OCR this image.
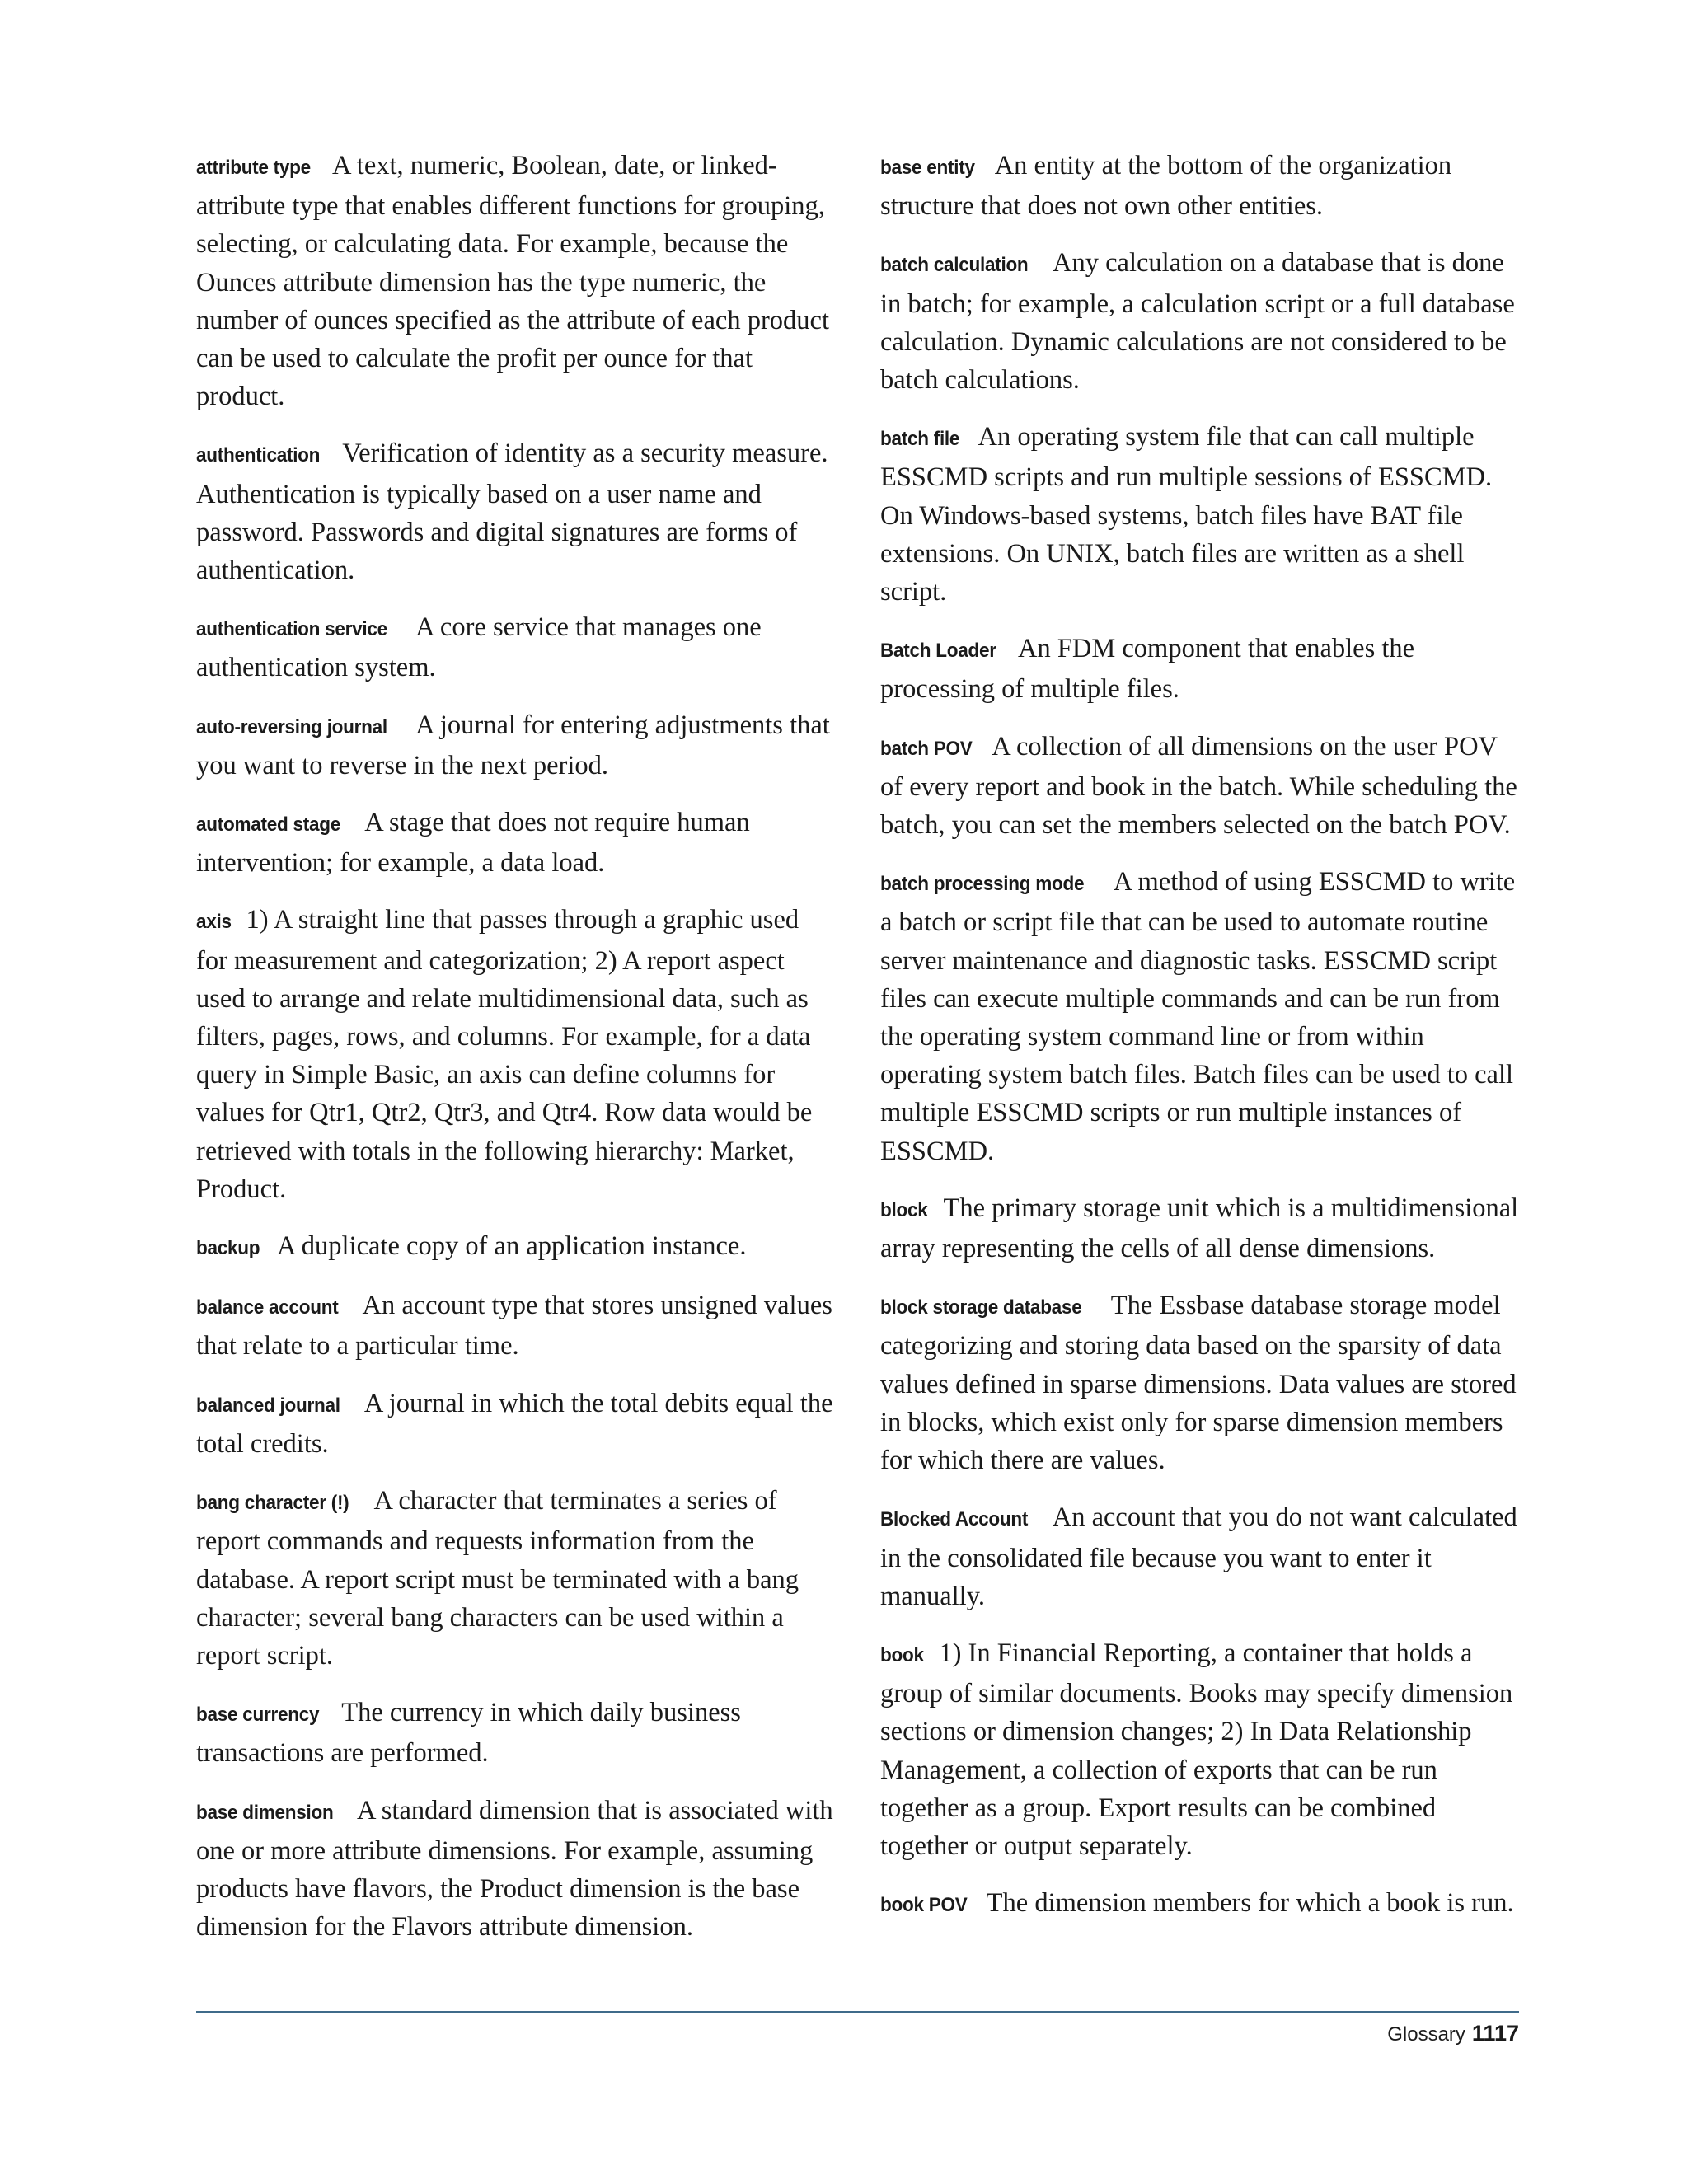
attribute type A text, numeric, Boolean, date, or linked-attribute type that enables different functions for grouping, selecting, or calculating data. For example, because the Ounces attribute dimension has the type numeric, the number of ounces specified as the attribute of each product can be used to calculate the profit per ounce for that product.

authentication Verification of identity as a security measure. Authentication is typically based on a user name and password. Passwords and digital signatures are forms of authentication.

authentication service A core service that manages one authentication system.

auto-reversing journal A journal for entering adjustments that you want to reverse in the next period.

automated stage A stage that does not require human intervention; for example, a data load.

axis 1) A straight line that passes through a graphic used for measurement and categorization; 2) A report aspect used to arrange and relate multidimensional data, such as filters, pages, rows, and columns. For example, for a data query in Simple Basic, an axis can define columns for values for Qtr1, Qtr2, Qtr3, and Qtr4. Row data would be retrieved with totals in the following hierarchy: Market, Product.

backup A duplicate copy of an application instance.

balance account An account type that stores unsigned values that relate to a particular time.

balanced journal A journal in which the total debits equal the total credits.

bang character (!) A character that terminates a series of report commands and requests information from the database. A report script must be terminated with a bang character; several bang characters can be used within a report script.

base currency The currency in which daily business transactions are performed.

base dimension A standard dimension that is associated with one or more attribute dimensions. For example, assuming products have flavors, the Product dimension is the base dimension for the Flavors attribute dimension.

base entity An entity at the bottom of the organization structure that does not own other entities.

batch calculation Any calculation on a database that is done in batch; for example, a calculation script or a full database calculation. Dynamic calculations are not considered to be batch calculations.

batch file An operating system file that can call multiple ESSCMD scripts and run multiple sessions of ESSCMD. On Windows-based systems, batch files have BAT file extensions. On UNIX, batch files are written as a shell script.

Batch Loader An FDM component that enables the processing of multiple files.

batch POV A collection of all dimensions on the user POV of every report and book in the batch. While scheduling the batch, you can set the members selected on the batch POV.

batch processing mode A method of using ESSCMD to write a batch or script file that can be used to automate routine server maintenance and diagnostic tasks. ESSCMD script files can execute multiple commands and can be run from the operating system command line or from within operating system batch files. Batch files can be used to call multiple ESSCMD scripts or run multiple instances of ESSCMD.

block The primary storage unit which is a multidimensional array representing the cells of all dense dimensions.

block storage database The Essbase database storage model categorizing and storing data based on the sparsity of data values defined in sparse dimensions. Data values are stored in blocks, which exist only for sparse dimension members for which there are values.

Blocked Account An account that you do not want calculated in the consolidated file because you want to enter it manually.

book 1) In Financial Reporting, a container that holds a group of similar documents. Books may specify dimension sections or dimension changes; 2) In Data Relationship Management, a collection of exports that can be run together as a group. Export results can be combined together or output separately.

book POV The dimension members for which a book is run.

Glossary 1117
